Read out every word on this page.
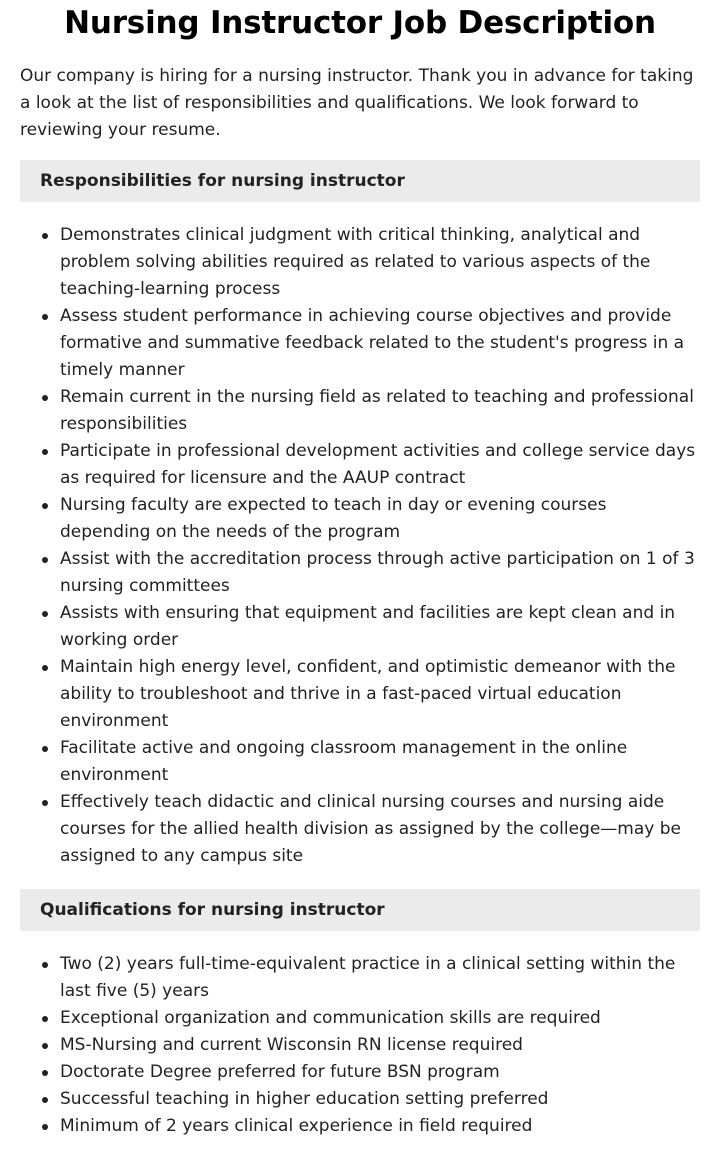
Nursing Instructor Job Description

Our company is hiring for a nursing instructor. Thank you in advance for taking a look at the list of responsibilities and qualifications. We look forward to reviewing your resume.

Responsibilities for nursing instructor
Demonstrates clinical judgment with critical thinking, analytical and problem solving abilities required as related to various aspects of the teaching-learning process
Assess student performance in achieving course objectives and provide formative and summative feedback related to the student's progress in a timely manner
Remain current in the nursing field as related to teaching and professional responsibilities
Participate in professional development activities and college service days as required for licensure and the AAUP contract
Nursing faculty are expected to teach in day or evening courses depending on the needs of the program
Assist with the accreditation process through active participation on 1 of 3 nursing committees
Assists with ensuring that equipment and facilities are kept clean and in working order
Maintain high energy level, confident, and optimistic demeanor with the ability to troubleshoot and thrive in a fast-paced virtual education environment
Facilitate active and ongoing classroom management in the online environment
Effectively teach didactic and clinical nursing courses and nursing aide courses for the allied health division as assigned by the college—may be assigned to any campus site
Qualifications for nursing instructor
Two (2) years full-time-equivalent practice in a clinical setting within the last five (5) years
Exceptional organization and communication skills are required
MS-Nursing and current Wisconsin RN license required
Doctorate Degree preferred for future BSN program
Successful teaching in higher education setting preferred
Minimum of 2 years clinical experience in field required
